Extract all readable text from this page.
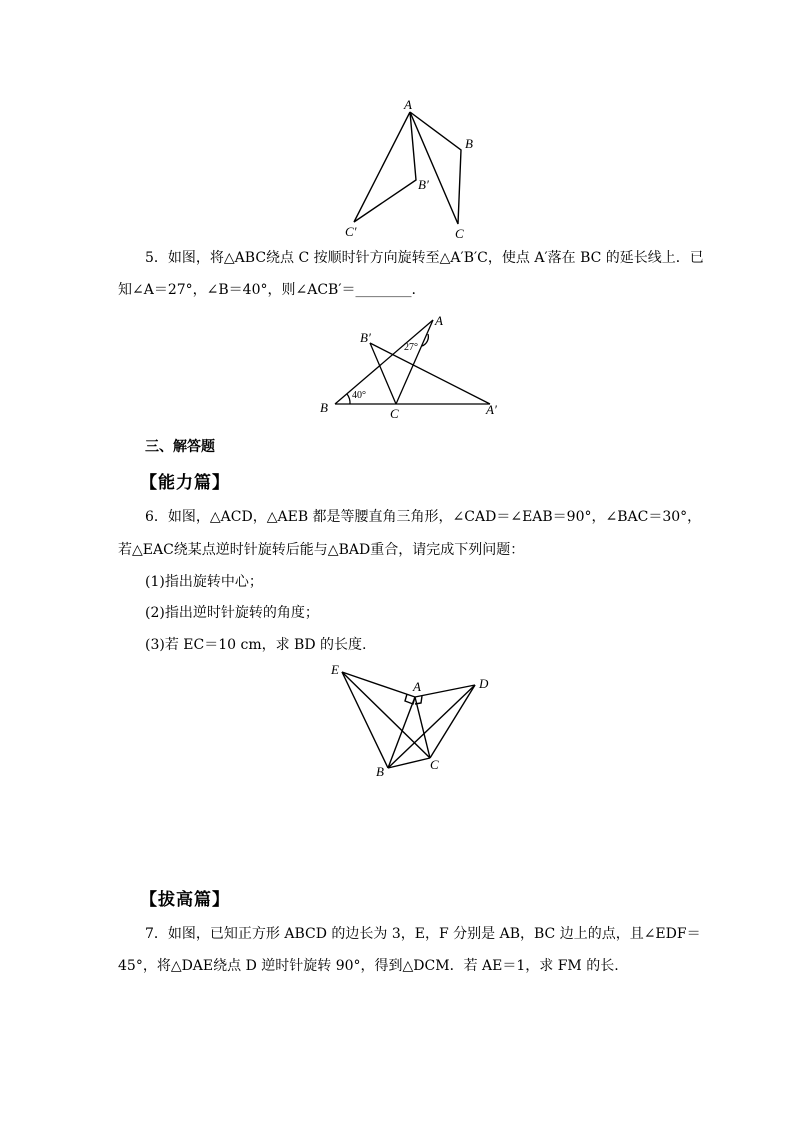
A
B
B′
C
C′
5．如图，将△ABC绕点 C 按顺时针方向旋转至△A′B′C，使点 A′落在 BC 的延长线上．已
知∠A＝27°，∠B＝40°，则∠ACB′＝________.
B	C	A′
B′
A
40°
27°
三、解答题
【能力篇】
6．如图，△ACD，△AEB 都是等腰直角三角形，∠CAD＝∠EAB＝90°，∠BAC＝30°，
若△EAC绕某点逆时针旋转后能与△BAD重合，请完成下列问题：
(1)指出旋转中心；
(2)指出逆时针旋转的角度；
(3)若 EC＝10 cm，求 BD 的长度.
E
A	D
B	C
【拔高篇】
7．如图，已知正方形 ABCD 的边长为 3，E，F 分别是 AB，BC 边上的点，且∠EDF＝
45°，将△DAE绕点 D 逆时针旋转 90°，得到△DCM．若 AE＝1，求 FM 的长.
